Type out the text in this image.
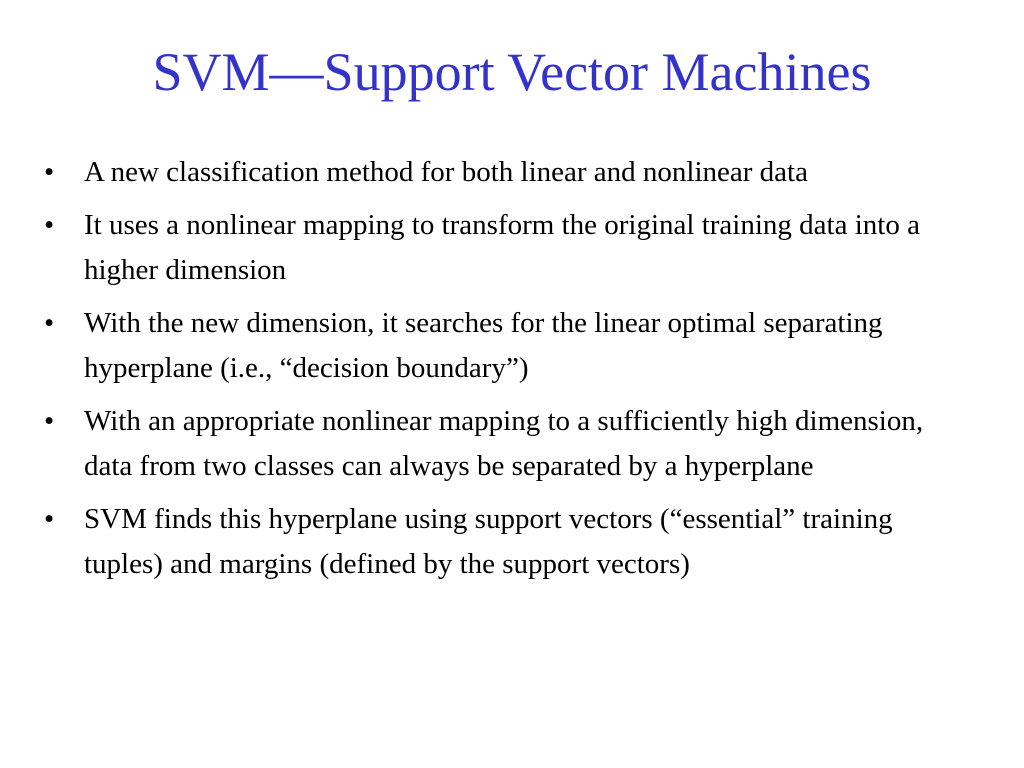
SVM—Support Vector Machines
•	A new classification method for both linear and nonlinear data
•	It uses a nonlinear mapping to transform the original training data into a higher dimension
•	With the new dimension, it searches for the linear optimal separating hyperplane (i.e., “decision boundary”)
•	With an appropriate nonlinear mapping to a sufficiently high dimension, data from two classes can always be separated by a hyperplane
•	SVM finds this hyperplane using support vectors (“essential” training tuples) and margins (defined by the support vectors)
